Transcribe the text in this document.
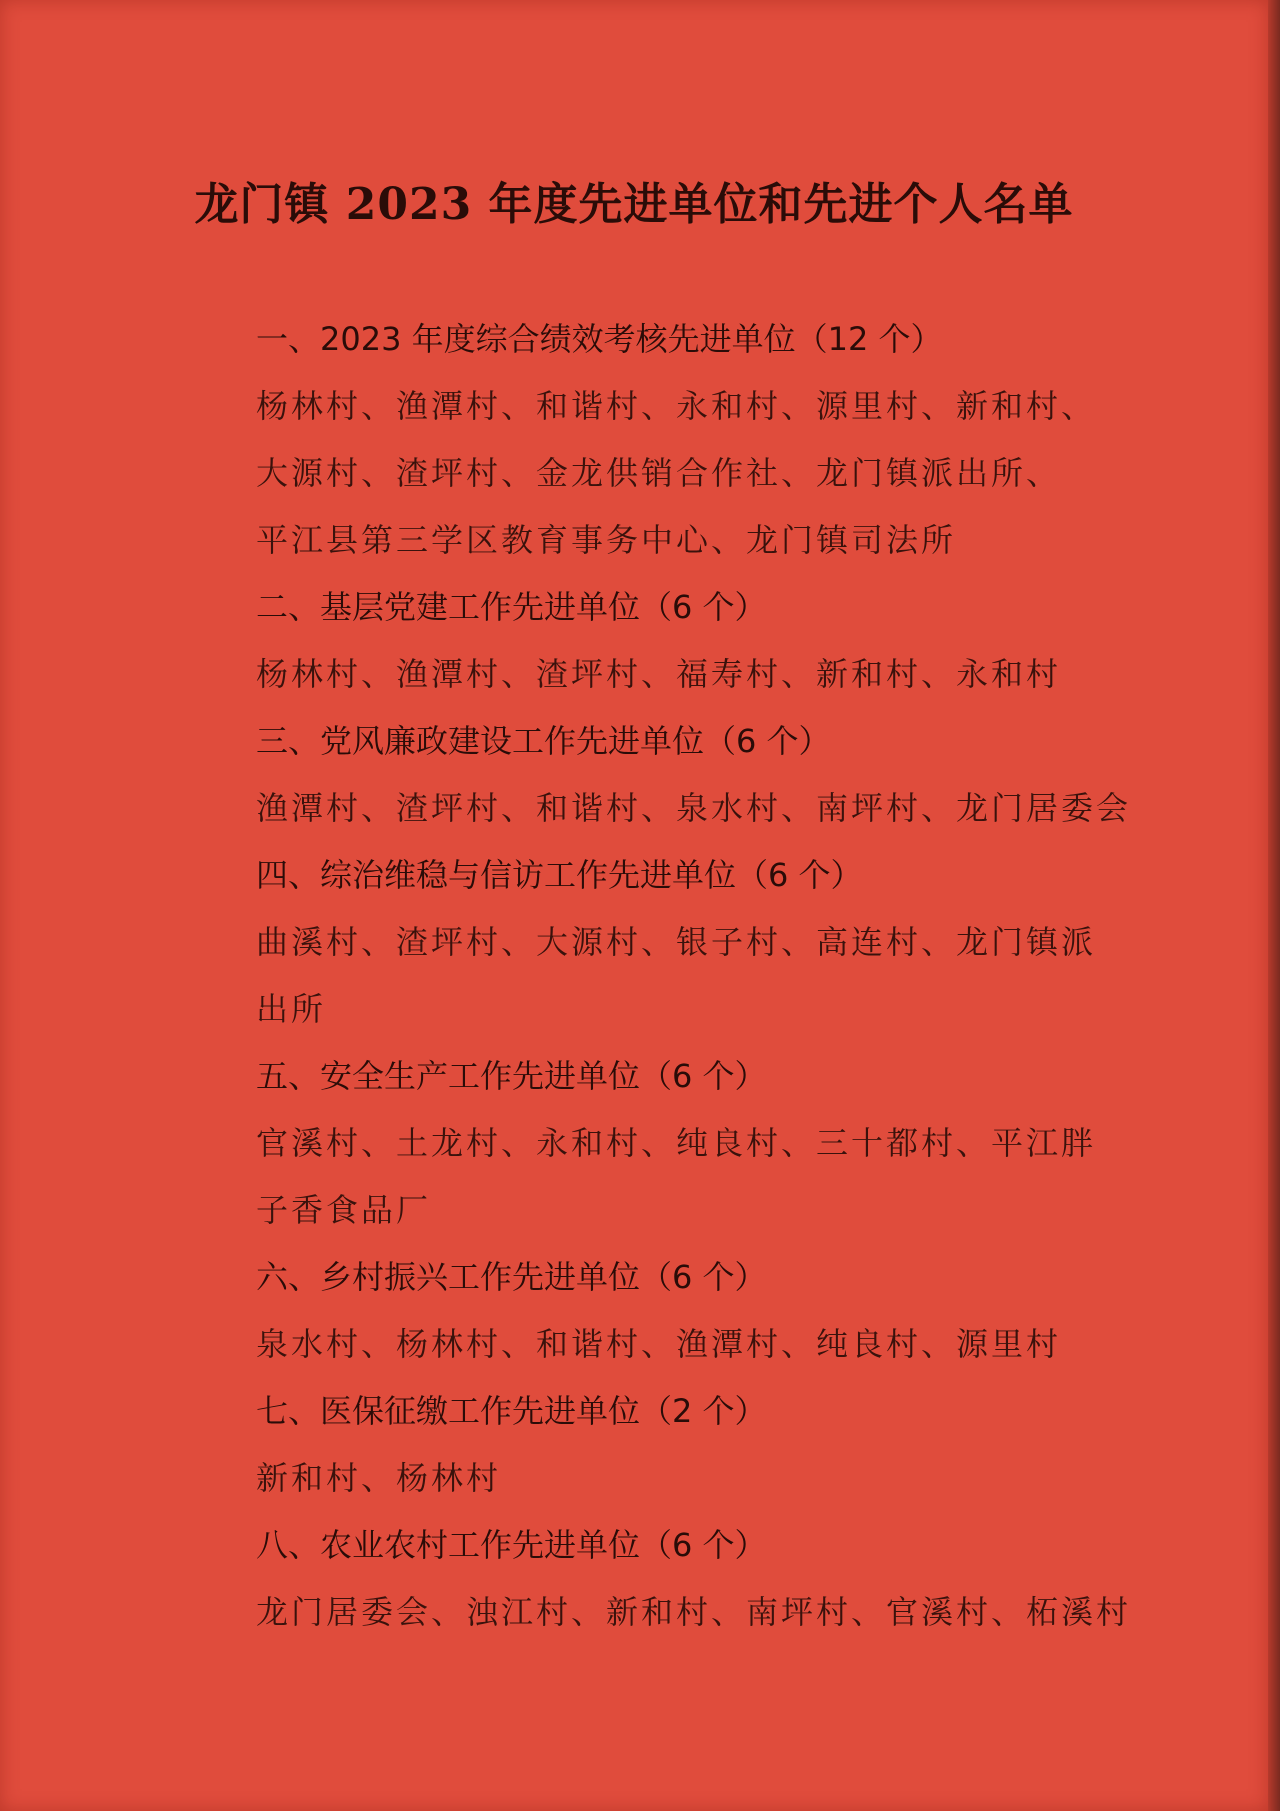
龙门镇 2023 年度先进单位和先进个人名单

一、2023 年度综合绩效考核先进单位（12 个）

杨林村、渔潭村、和谐村、永和村、源里村、新和村、
大源村、渣坪村、金龙供销合作社、龙门镇派出所、
平江县第三学区教育事务中心、龙门镇司法所

二、基层党建工作先进单位（6 个）

杨林村、渔潭村、渣坪村、福寿村、新和村、永和村

三、党风廉政建设工作先进单位（6 个）

渔潭村、渣坪村、和谐村、泉水村、南坪村、龙门居委会

四、综治维稳与信访工作先进单位（6 个）

曲溪村、渣坪村、大源村、银子村、高连村、龙门镇派
出所

五、安全生产工作先进单位（6 个）

官溪村、土龙村、永和村、纯良村、三十都村、平江胖
子香食品厂

六、乡村振兴工作先进单位（6 个）

泉水村、杨林村、和谐村、渔潭村、纯良村、源里村

七、医保征缴工作先进单位（2 个）

新和村、杨林村

八、农业农村工作先进单位（6 个）

龙门居委会、浊江村、新和村、南坪村、官溪村、柘溪村
